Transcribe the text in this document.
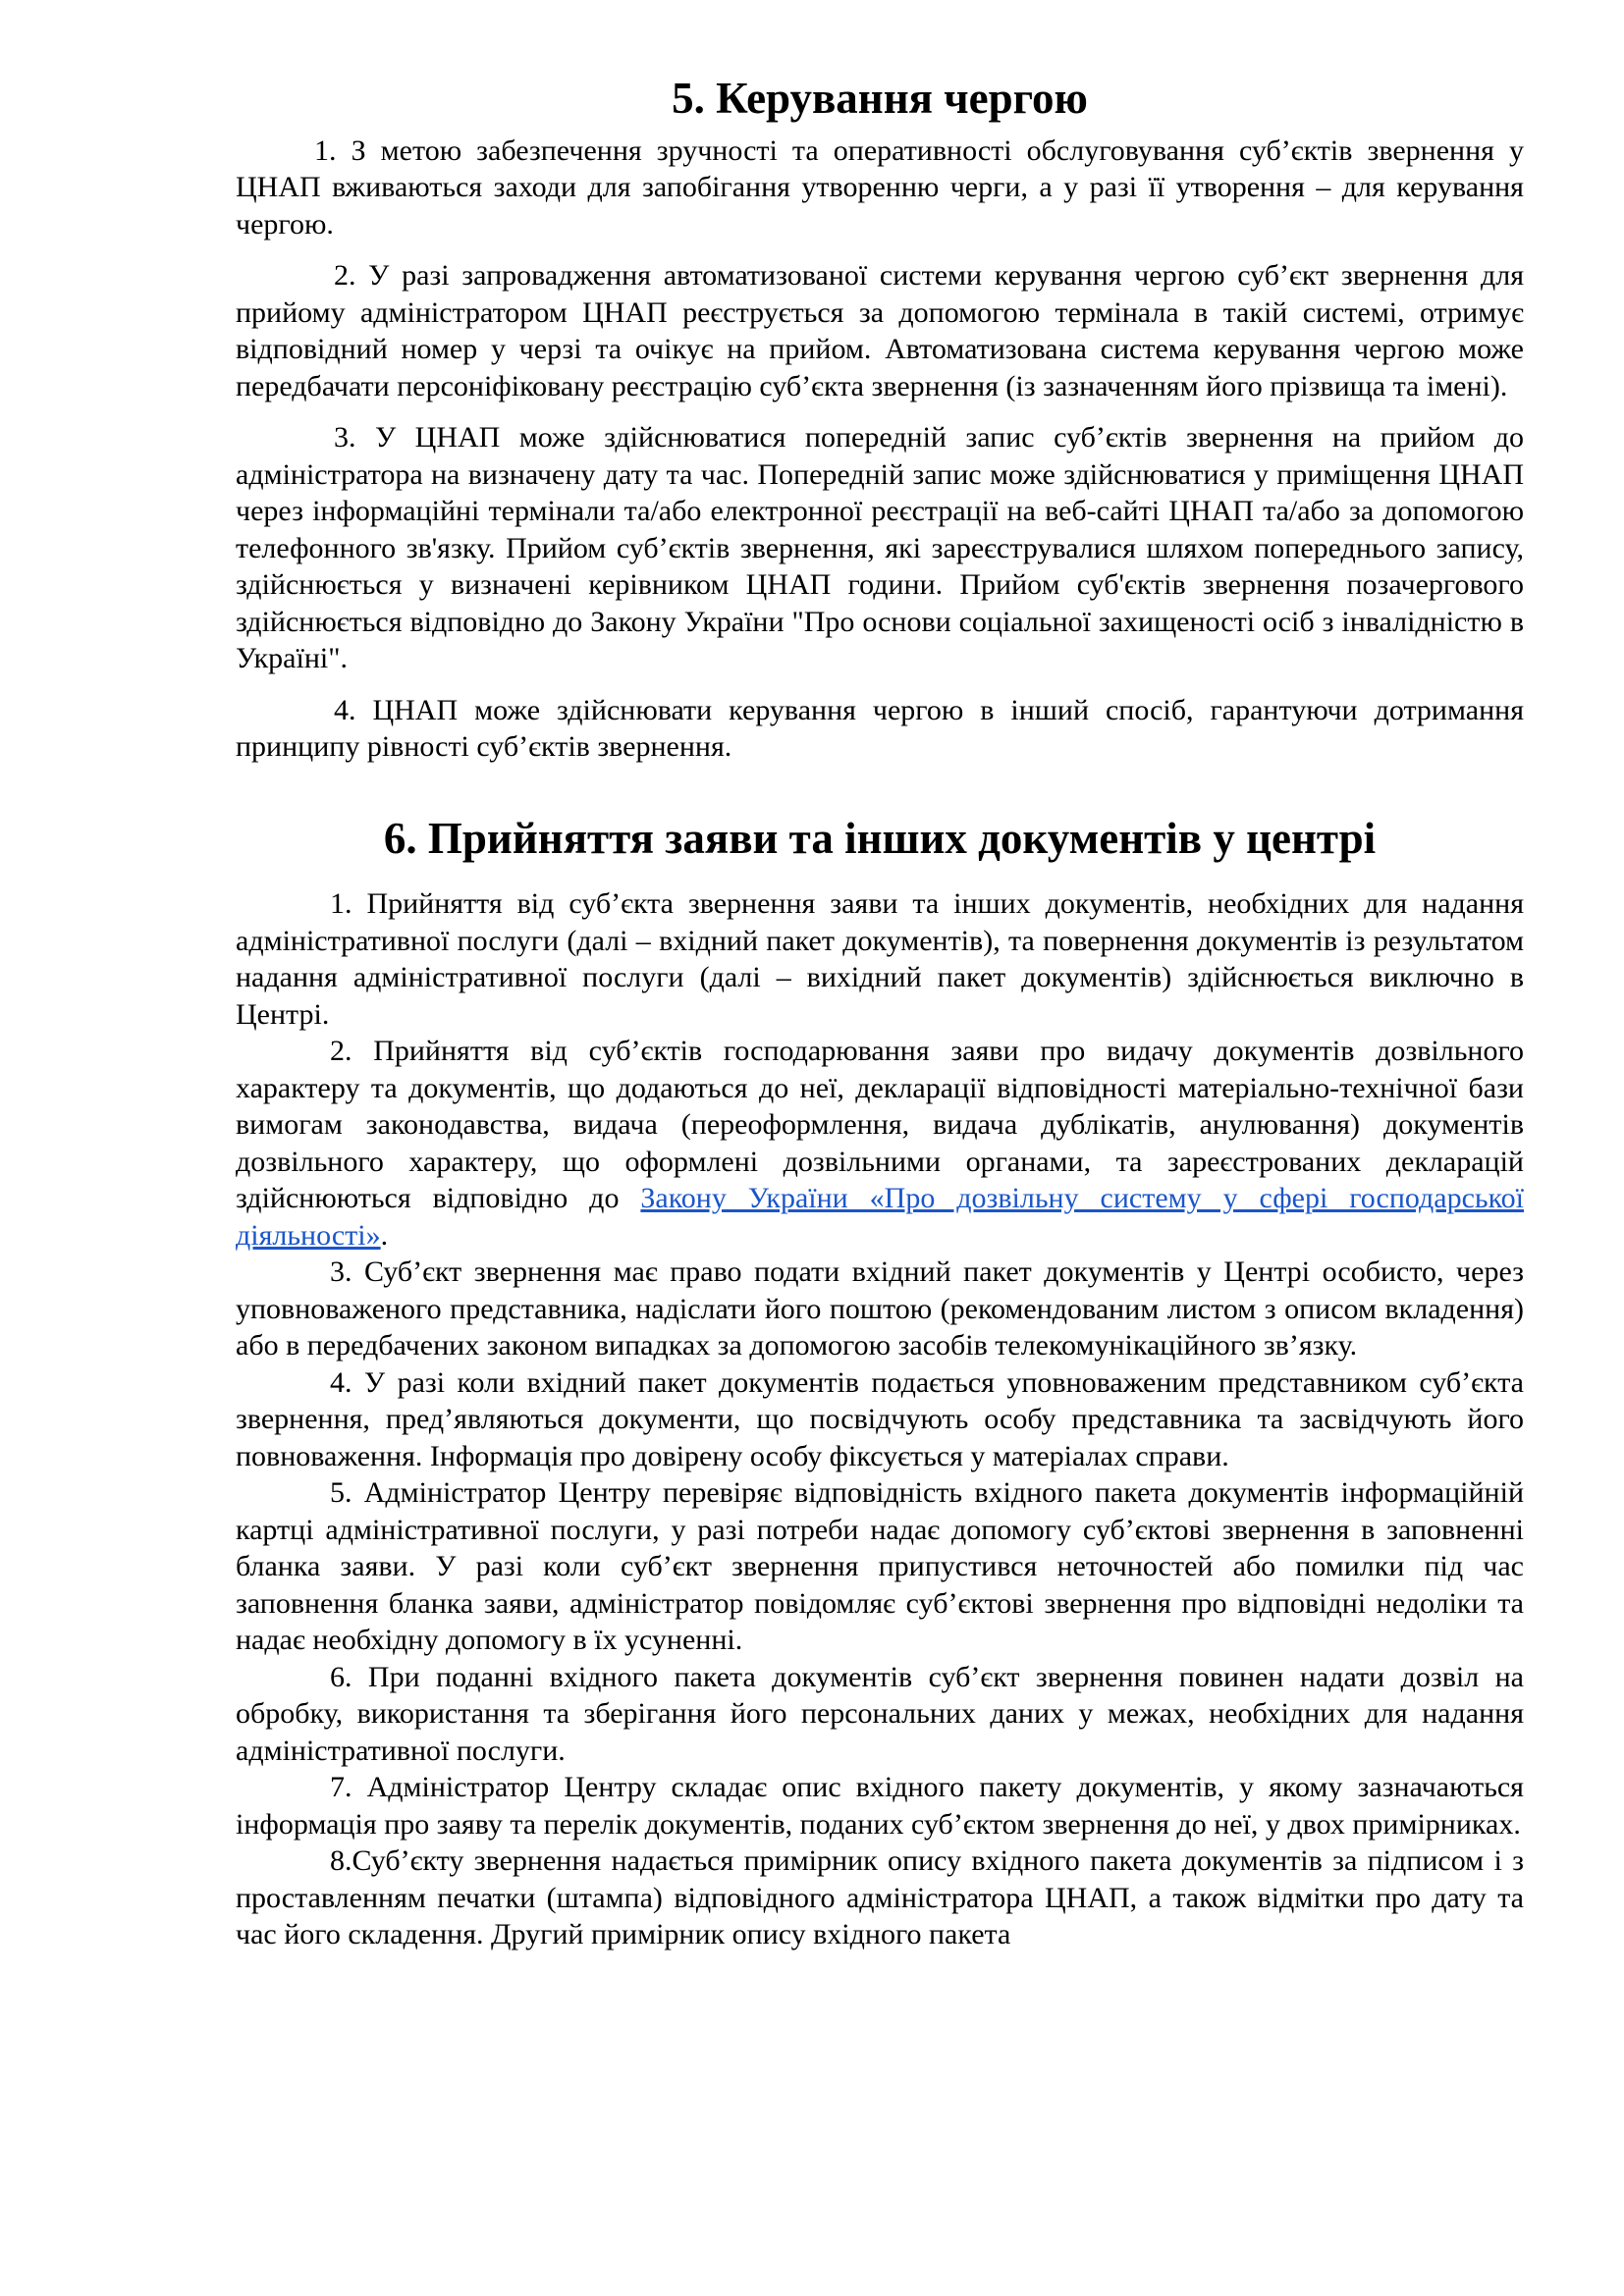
5. Керування чергою

1. З метою забезпечення зручності та оперативності обслуговування суб’єктів звернення у ЦНАП вживаються заходи для запобігання утворенню черги, а у разі її утворення – для керування чергою.

2. У разі запровадження автоматизованої системи керування чергою суб’єкт звернення для прийому адміністратором ЦНАП реєструється за допомогою термінала в такій системі, отримує відповідний номер у черзі та очікує на прийом. Автоматизована система керування чергою може передбачати персоніфіковану реєстрацію суб’єкта звернення (із зазначенням його прізвища та імені).

3. У ЦНАП може здійснюватися попередній запис суб’єктів звернення на прийом до адміністратора на визначену дату та час. Попередній запис може здійснюватися у приміщення ЦНАП через інформаційні термінали та/або електронної реєстрації на веб-сайті ЦНАП та/або за допомогою телефонного зв'язку. Прийом суб’єктів звернення, які зареєструвалися шляхом попереднього запису, здійснюється у визначені керівником ЦНАП години. Прийом суб'єктів звернення позачергового здійснюється відповідно до Закону України "Про основи соціальної захищеності осіб з інвалідністю в Україні".

4. ЦНАП може здійснювати керування чергою в інший спосіб, гарантуючи дотримання принципу рівності суб’єктів звернення.

6. Прийняття заяви та інших документів у центрі

1. Прийняття від суб’єкта звернення заяви та інших документів, необхідних для надання адміністративної послуги (далі – вхідний пакет документів), та повернення документів із результатом надання адміністративної послуги (далі – вихідний пакет документів) здійснюється виключно в Центрі.

2. Прийняття від суб’єктів господарювання заяви про видачу документів дозвільного характеру та документів, що додаються до неї, декларації відповідності матеріально-технічної бази вимогам законодавства, видача (переоформлення, видача дублікатів, анулювання) документів дозвільного характеру, що оформлені дозвільними органами, та зареєстрованих декларацій здійснюються відповідно до Закону України «Про дозвільну систему у сфері господарської діяльності».

3. Суб’єкт звернення має право подати вхідний пакет документів у Центрі особисто, через уповноваженого представника, надіслати його поштою (рекомендованим листом з описом вкладення) або в передбачених законом випадках за допомогою засобів телекомунікаційного зв’язку.

4. У разі коли вхідний пакет документів подається уповноваженим представником суб’єкта звернення, пред’являються документи, що посвідчують особу представника та засвідчують його повноваження. Інформація про довірену особу фіксується у матеріалах справи.

5. Адміністратор Центру перевіряє відповідність вхідного пакета документів інформаційній картці адміністративної послуги, у разі потреби надає допомогу суб’єктові звернення в заповненні бланка заяви. У разі коли суб’єкт звернення припустився неточностей або помилки під час заповнення бланка заяви, адміністратор повідомляє суб’єктові звернення про відповідні недоліки та надає необхідну допомогу в їх усуненні.

6. При поданні вхідного пакета документів суб’єкт звернення повинен надати дозвіл на обробку, використання та зберігання його персональних даних у межах, необхідних для надання адміністративної послуги.

7. Адміністратор Центру складає опис вхідного пакету документів, у якому зазначаються інформація про заяву та перелік документів, поданих суб’єктом звернення до неї, у двох примірниках.

8.Суб’єкту звернення надається примірник опису вхідного пакета документів за підписом і з проставленням печатки (штампа) відповідного адміністратора ЦНАП, а також відмітки про дату та час його складення. Другий примірник опису вхідного пакета
